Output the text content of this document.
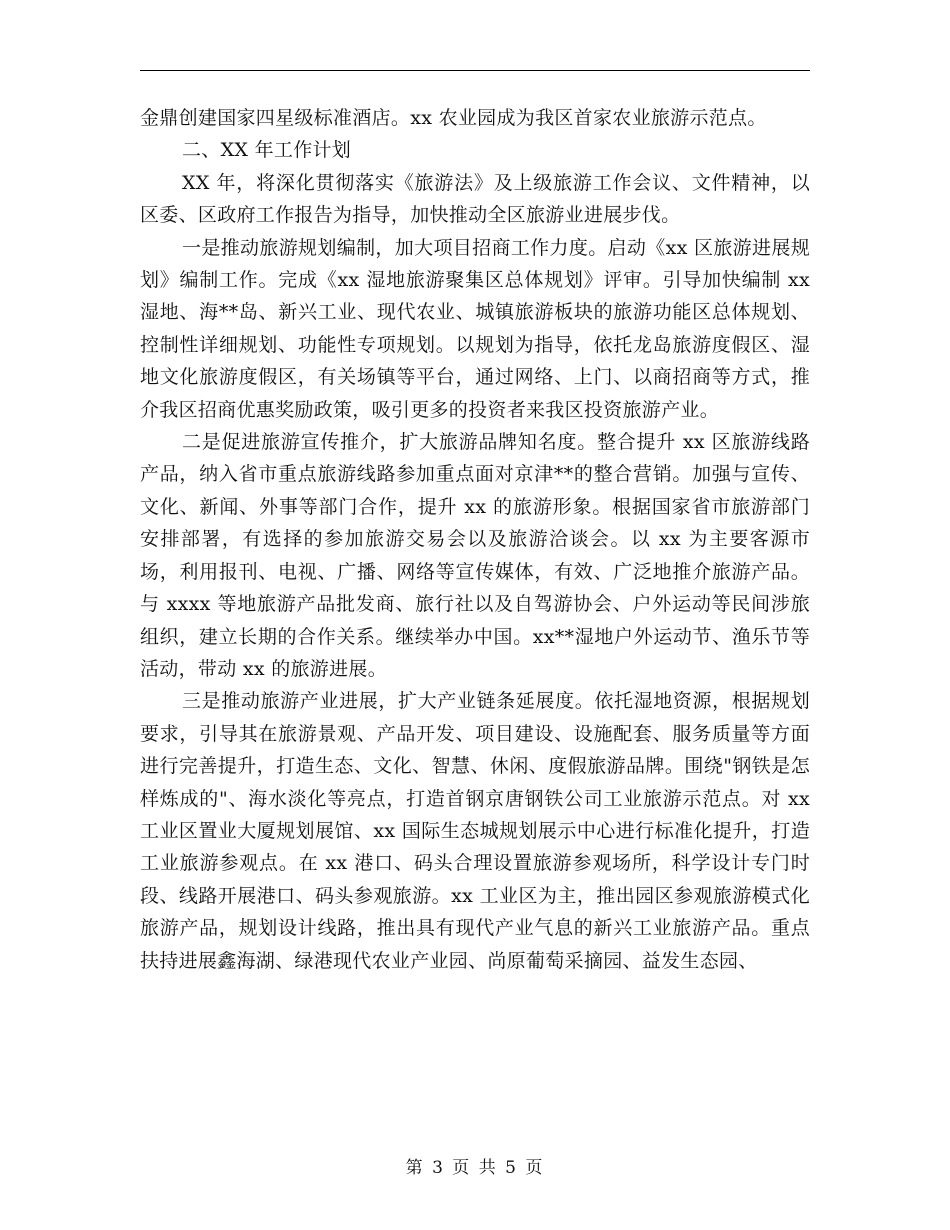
金鼎创建国家四星级标准酒店。xx 农业园成为我区首家农业旅游示范点。

二、XX 年工作计划

XX 年，将深化贯彻落实《旅游法》及上级旅游工作会议、文件精神，以区委、区政府工作报告为指导，加快推动全区旅游业进展步伐。

一是推动旅游规划编制，加大项目招商工作力度。启动《xx 区旅游进展规划》编制工作。完成《xx 湿地旅游聚集区总体规划》评审。引导加快编制 xx 湿地、海**岛、新兴工业、现代农业、城镇旅游板块的旅游功能区总体规划、控制性详细规划、功能性专项规划。以规划为指导，依托龙岛旅游度假区、湿地文化旅游度假区，有关场镇等平台，通过网络、上门、以商招商等方式，推介我区招商优惠奖励政策，吸引更多的投资者来我区投资旅游产业。

二是促进旅游宣传推介，扩大旅游品牌知名度。整合提升 xx 区旅游线路产品，纳入省市重点旅游线路参加重点面对京津**的整合营销。加强与宣传、文化、新闻、外事等部门合作，提升 xx 的旅游形象。根据国家省市旅游部门安排部署，有选择的参加旅游交易会以及旅游洽谈会。以 xx 为主要客源市场，利用报刊、电视、广播、网络等宣传媒体，有效、广泛地推介旅游产品。与 xxxx 等地旅游产品批发商、旅行社以及自驾游协会、户外运动等民间涉旅组织，建立长期的合作关系。继续举办中国。xx**湿地户外运动节、渔乐节等活动，带动 xx 的旅游进展。

三是推动旅游产业进展，扩大产业链条延展度。依托湿地资源，根据规划要求，引导其在旅游景观、产品开发、项目建设、设施配套、服务质量等方面进行完善提升，打造生态、文化、智慧、休闲、度假旅游品牌。围绕"钢铁是怎样炼成的"、海水淡化等亮点，打造首钢京唐钢铁公司工业旅游示范点。对 xx 工业区置业大厦规划展馆、xx 国际生态城规划展示中心进行标准化提升，打造工业旅游参观点。在 xx 港口、码头合理设置旅游参观场所，科学设计专门时段、线路开展港口、码头参观旅游。xx 工业区为主，推出园区参观旅游模式化旅游产品，规划设计线路，推出具有现代产业气息的新兴工业旅游产品。重点扶持进展鑫海湖、绿港现代农业产业园、尚原葡萄采摘园、益发生态园、

第 3 页 共 5 页
